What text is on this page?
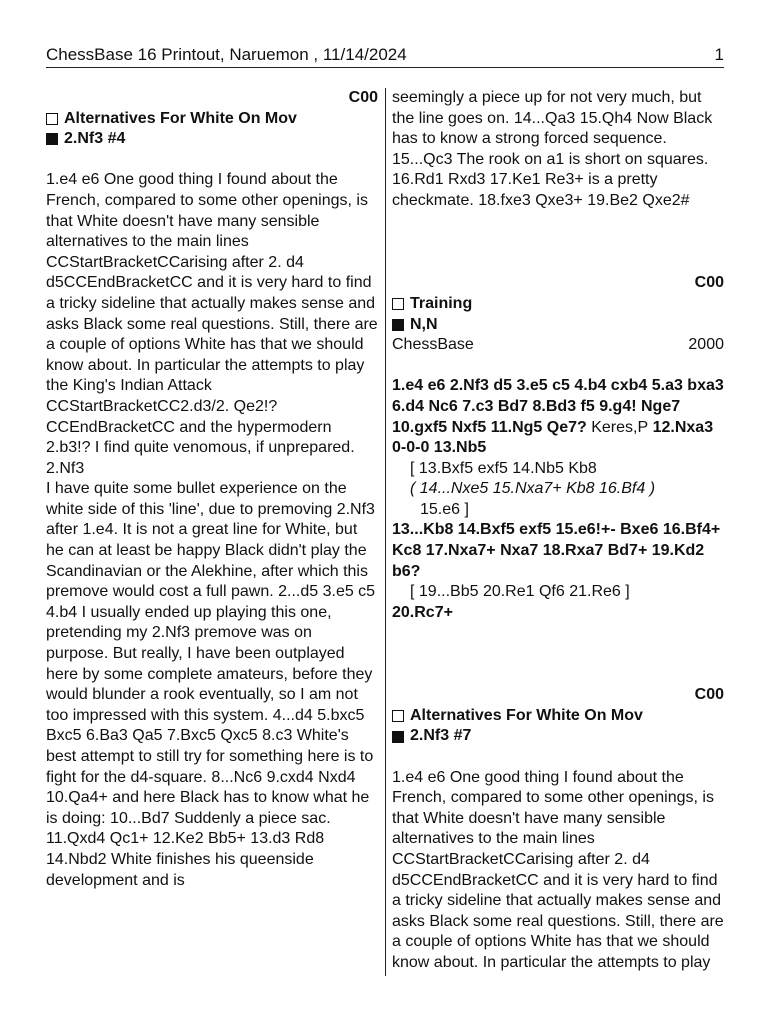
ChessBase 16 Printout, Naruemon , 11/14/2024	1
C00
Alternatives For White On Mov
2.Nf3 #4

1.e4 e6 One good thing I found about the French, compared to some other openings, is that White doesn't have many sensible alternatives to the main lines CCStartBracketCCarising after 2. d4 d5CCEndBracketCC and it is very hard to find a tricky sideline that actually makes sense and asks Black some real questions. Still, there are a couple of options White has that we should know about. In particular the attempts to play the King's Indian Attack CCStartBracketCC2.d3/2. Qe2!?CCEndBracketCC and the hypermodern 2.b3!? I find quite venomous, if unprepared. 2.Nf3

I have quite some bullet experience on the white side of this 'line', due to premoving 2.Nf3 after 1.e4. It is not a great line for White, but he can at least be happy Black didn't play the Scandinavian or the Alekhine, after which this premove would cost a full pawn. 2...d5 3.e5 c5 4.b4 I usually ended up playing this one, pretending my 2.Nf3 premove was on purpose. But really, I have been outplayed here by some complete amateurs, before they would blunder a rook eventually, so I am not too impressed with this system. 4...d4 5.bxc5 Bxc5 6.Ba3 Qa5 7.Bxc5 Qxc5 8.c3 White's best attempt to still try for something here is to fight for the d4-square. 8...Nc6 9.cxd4 Nxd4 10.Qa4+ and here Black has to know what he is doing: 10...Bd7 Suddenly a piece sac. 11.Qxd4 Qc1+ 12.Ke2 Bb5+ 13.d3 Rd8 14.Nbd2 White finishes his queenside development and is

seemingly a piece up for not very much, but the line goes on. 14...Qa3 15.Qh4 Now Black has to know a strong forced sequence. 15...Qc3 The rook on a1 is short on squares. 16.Rd1 Rxd3 17.Ke1 Re3+ is a pretty checkmate. 18.fxe3 Qxe3+ 19.Be2 Qxe2#

C00
Training
N,N
ChessBase	2000

1.e4 e6 2.Nf3 d5 3.e5 c5 4.b4 cxb4 5.a3 bxa3 6.d4 Nc6 7.c3 Bd7 8.Bd3 f5 9.g4! Nge7 10.gxf5 Nxf5 11.Ng5 Qe7? Keres,P 12.Nxa3 0-0-0 13.Nb5

[ 13.Bxf5 exf5 14.Nb5 Kb8
( 14...Nxe5 15.Nxa7+ Kb8 16.Bf4 )
15.e6 ]

13...Kb8 14.Bxf5 exf5 15.e6!+- Bxe6 16.Bf4+ Kc8 17.Nxa7+ Nxa7 18.Rxa7 Bd7+ 19.Kd2 b6?

[ 19...Bb5 20.Re1 Qf6 21.Re6 ]

20.Rc7+

C00
Alternatives For White On Mov
2.Nf3 #7

1.e4 e6 One good thing I found about the French, compared to some other openings, is that White doesn't have many sensible alternatives to the main lines CCStartBracketCCarising after 2. d4 d5CCEndBracketCC and it is very hard to find a tricky sideline that actually makes sense and asks Black some real questions. Still, there are a couple of options White has that we should know about. In particular the attempts to play
